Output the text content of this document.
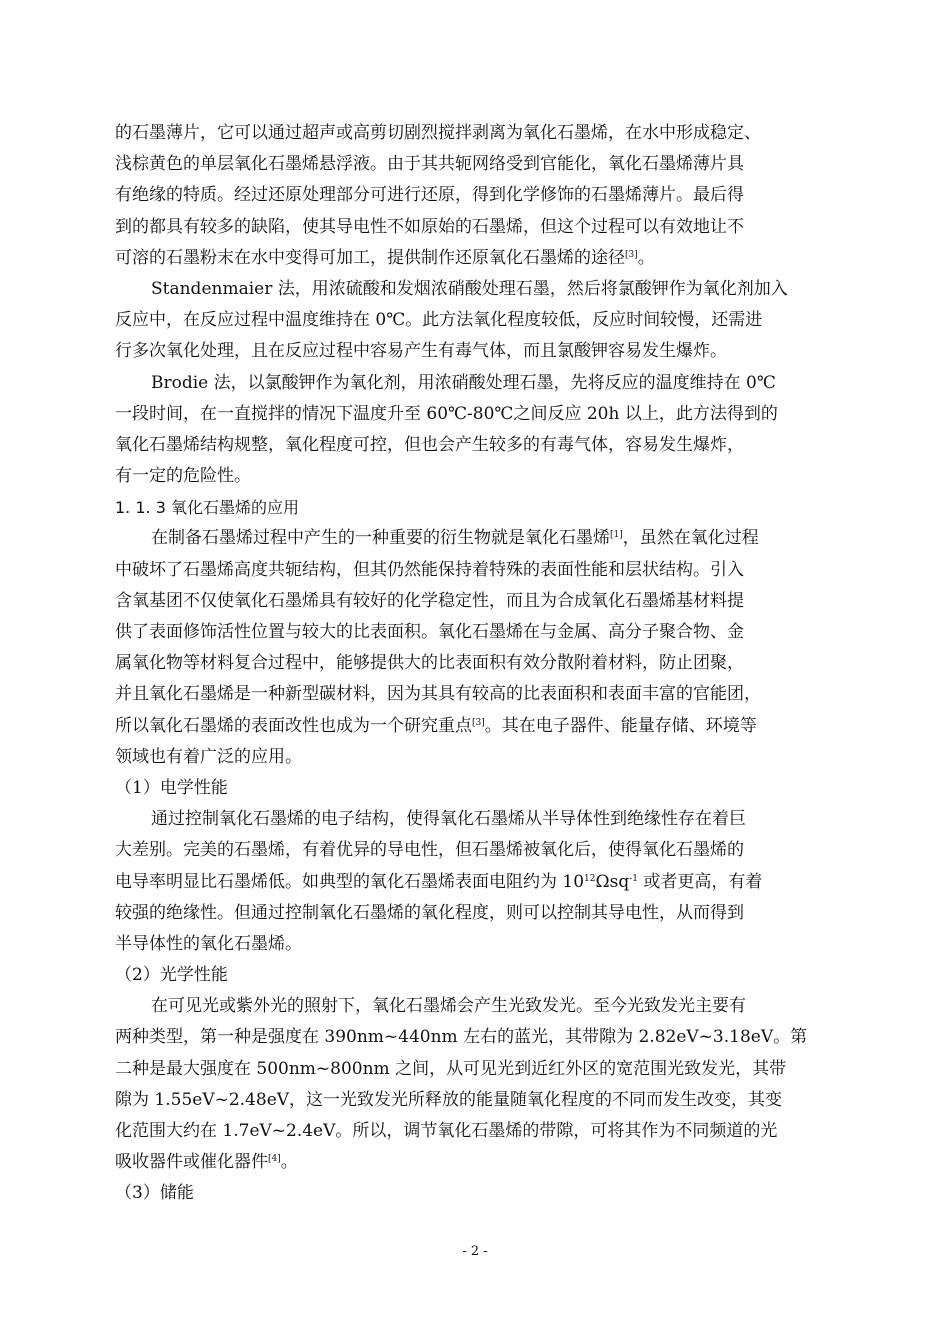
的石墨薄片，它可以通过超声或高剪切剧烈搅拌剥离为氧化石墨烯，在水中形成稳定、
浅棕黄色的单层氧化石墨烯悬浮液。由于其共轭网络受到官能化，氧化石墨烯薄片具
有绝缘的特质。经过还原处理部分可进行还原，得到化学修饰的石墨烯薄片。最后得
到的都具有较多的缺陷，使其导电性不如原始的石墨烯，但这个过程可以有效地让不
可溶的石墨粉末在水中变得可加工，提供制作还原氧化石墨烯的途径[3]。
Standenmaier 法，用浓硫酸和发烟浓硝酸处理石墨，然后将氯酸钾作为氧化剂加入
反应中，在反应过程中温度维持在 0℃。此方法氧化程度较低，反应时间较慢，还需进
行多次氧化处理，且在反应过程中容易产生有毒气体，而且氯酸钾容易发生爆炸。
Brodie 法，以氯酸钾作为氧化剂，用浓硝酸处理石墨，先将反应的温度维持在 0℃
一段时间，在一直搅拌的情况下温度升至 60℃-80℃之间反应 20h 以上，此方法得到的
氧化石墨烯结构规整，氧化程度可控，但也会产生较多的有毒气体，容易发生爆炸，
有一定的危险性。
1. 1. 3 氧化石墨烯的应用
在制备石墨烯过程中产生的一种重要的衍生物就是氧化石墨烯[1]，虽然在氧化过程
中破坏了石墨烯高度共轭结构，但其仍然能保持着特殊的表面性能和层状结构。引入
含氧基团不仅使氧化石墨烯具有较好的化学稳定性，而且为合成氧化石墨烯基材料提
供了表面修饰活性位置与较大的比表面积。氧化石墨烯在与金属、高分子聚合物、金
属氧化物等材料复合过程中，能够提供大的比表面积有效分散附着材料，防止团聚，
并且氧化石墨烯是一种新型碳材料，因为其具有较高的比表面积和表面丰富的官能团，
所以氧化石墨烯的表面改性也成为一个研究重点[3]。其在电子器件、能量存储、环境等
领域也有着广泛的应用。
（1）电学性能
通过控制氧化石墨烯的电子结构，使得氧化石墨烯从半导体性到绝缘性存在着巨
大差别。完美的石墨烯，有着优异的导电性，但石墨烯被氧化后，使得氧化石墨烯的
电导率明显比石墨烯低。如典型的氧化石墨烯表面电阻约为 $10^{12}\Omega sq^{-1}$ 或者更高，有着
较强的绝缘性。但通过控制氧化石墨烯的氧化程度，则可以控制其导电性，从而得到
半导体性的氧化石墨烯。
（2）光学性能
在可见光或紫外光的照射下，氧化石墨烯会产生光致发光。至今光致发光主要有
两种类型，第一种是强度在 390nm~440nm 左右的蓝光，其带隙为 2.82eV~3.18eV。第
二种是最大强度在 500nm~800nm 之间，从可见光到近红外区的宽范围光致发光，其带
隙为 1.55eV~2.48eV，这一光致发光所释放的能量随氧化程度的不同而发生改变，其变
化范围大约在 1.7eV~2.4eV。所以，调节氧化石墨烯的带隙，可将其作为不同频道的光
吸收器件或催化器件[4]。
（3）储能
- 2 -
